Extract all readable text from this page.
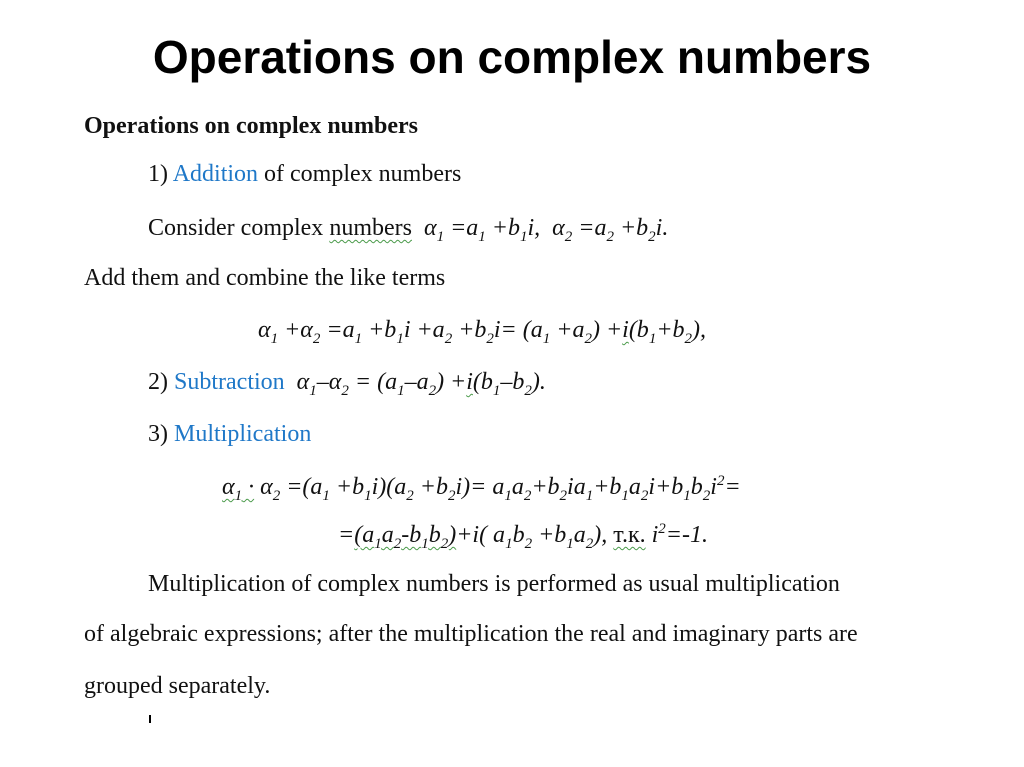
Operations on complex numbers
Operations on complex numbers
1) Addition of complex numbers
Consider complex numbers  $\alpha_1 =a_1 +b_1i$,  $\alpha_2 =a_2 +b_2i$.
Add them and combine the like terms
$\alpha_1 +\alpha_2 =a_1 +b_1i +a_2 +b_2i= (a_1 +a_2) +i(b_1+b_2)$,
2) Subtraction  $\alpha_1-\alpha_2 = (a_1-a_2) +i(b_1-b_2)$.
3) Multiplication
$\alpha_1 \cdot \alpha_2 =(a_1 +b_1i)(a_2 +b_2i)= a_1a_2+b_2ia_1+b_1a_2i+b_1b_2i^2=$
$=(a_1a_2-b_1b_2)+i$( $a_1b_2 +b_1a_2$), т.к. $i^2=-1$.
Multiplication of complex numbers is performed as usual multiplication
of algebraic expressions; after the multiplication the real and imaginary parts are
grouped separately.
